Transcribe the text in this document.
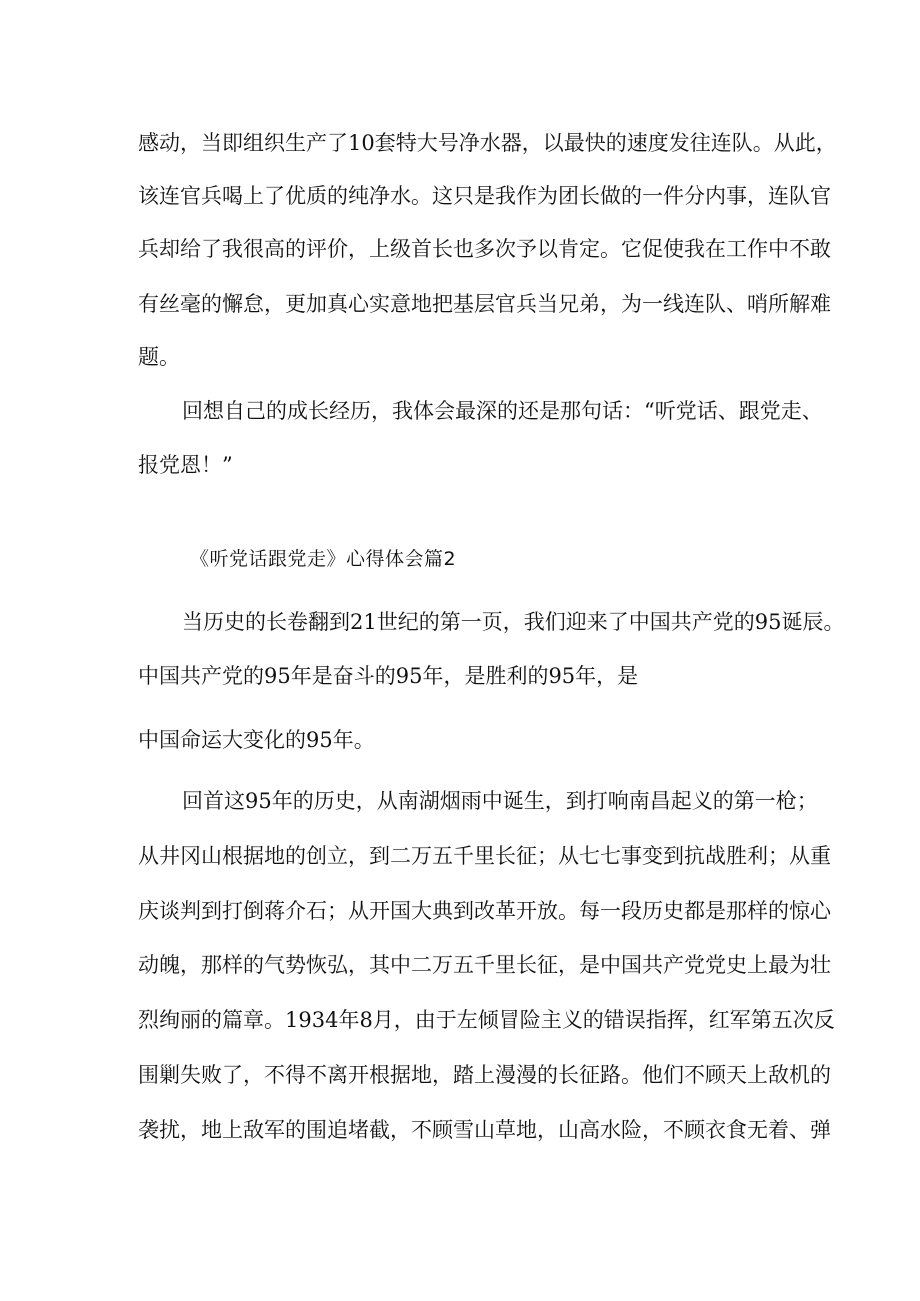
感动，当即组织生产了10套特大号净水器，以最快的速度发往连队。从此，
该连官兵喝上了优质的纯净水。这只是我作为团长做的一件分内事，连队官
兵却给了我很高的评价，上级首长也多次予以肯定。它促使我在工作中不敢
有丝毫的懈怠，更加真心实意地把基层官兵当兄弟，为一线连队、哨所解难
题。
回想自己的成长经历，我体会最深的还是那句话：“听党话、跟党走、
报党恩！”
《听党话跟党走》心得体会篇2
当历史的长卷翻到21世纪的第一页，我们迎来了中国共产党的95诞辰。
中国共产党的95年是奋斗的95年，是胜利的95年，是
中国命运大变化的95年。
回首这95年的历史，从南湖烟雨中诞生，到打响南昌起义的第一枪；
从井冈山根据地的创立，到二万五千里长征；从七七事变到抗战胜利；从重
庆谈判到打倒蒋介石；从开国大典到改革开放。每一段历史都是那样的惊心
动魄，那样的气势恢弘，其中二万五千里长征，是中国共产党党史上最为壮
烈绚丽的篇章。1934年8月，由于左倾冒险主义的错误指挥，红军第五次反
围剿失败了，不得不离开根据地，踏上漫漫的长征路。他们不顾天上敌机的
袭扰，地上敌军的围追堵截，不顾雪山草地，山高水险，不顾衣食无着、弹
